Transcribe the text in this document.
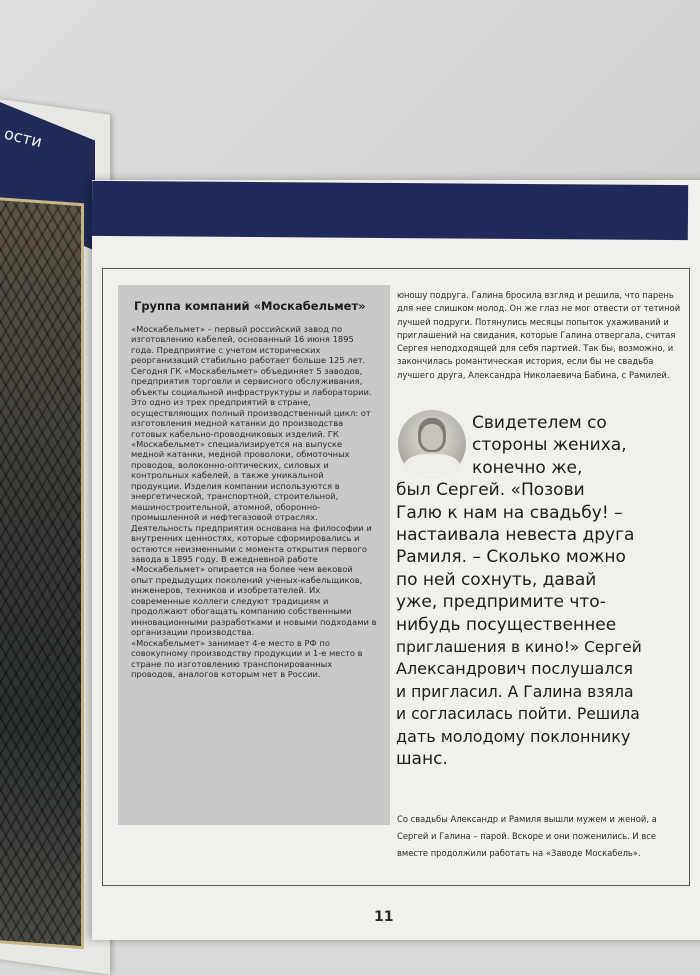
ости
Группа компаний «Москабельмет»

«Москабельмет» – первый российский завод по изготовлению кабелей, основанный 16 июня 1895 года. Предприятие с учетом исторических реорганизаций стабильно работает больше 125 лет. Сегодня ГК «Москабельмет» объединяет 5 заводов, предприятия торговли и сервисного обслуживания, объекты социальной инфраструктуры и лаборатории.

Это одно из трех предприятий в стране, осуществляющих полный производственный цикл: от изготовления медной катанки до производства готовых кабельно-проводниковых изделий. ГК «Москабельмет» специализируется на выпуске медной катанки, медной проволоки, обмоточных проводов, волоконно-оптических, силовых и контрольных кабелей, а также уникальной продукции. Изделия компании используются в энергетической, транспортной, строительной, машиностроительной, атомной, оборонно-промышленной и нефтегазовой отраслях.

Деятельность предприятия основана на философии и внутренних ценностях, которые сформировались и остаются неизменными с момента открытия первого завода в 1895 году. В ежедневной работе «Москабельмет» опирается на более чем вековой опыт предыдущих поколений ученых-кабельщиков, инженеров, техников и изобретателей. Их современные коллеги следуют традициям и продолжают обогащать компанию собственными инновационными разработками и новыми подходами в организации производства.

«Москабельмет» занимает 4-е место в РФ по совокупному производству продукции и 1-е место в стране по изготовлению транспонированных проводов, аналогов которым нет в России.

юношу подруга. Галина бросила взгляд и решила, что парень для нее слишком молод. Он же глаз не мог отвести от тетиной лучшей подруги. Потянулись месяцы попыток ухаживаний и приглашений на свидания, которые Галина отвергала, считая Сергея неподходящей для себя партией. Так бы, возможно, и закончилась романтическая история, если бы не свадьба лучшего друга, Александра Николаевича Бабина, с Рамилей.

Свидетелем со
стороны жениха,
конечно же,
был Сергей. «Позови
Галю к нам на свадьбу! –
настаивала невеста друга
Рамиля. – Сколько можно
по ней сохнуть, давай
уже, предпримите что-
нибудь посущественнее
приглашения в кино!» Сергей
Александрович послушался
и пригласил. А Галина взяла
и согласилась пойти. Решила
дать молодому поклоннику
шанс.

Со свадьбы Александр и Рамиля вышли мужем и женой, а Сергей и Галина – парой. Вскоре и они поженились. И все вместе продолжили работать на «Заводе Москабель».

11
